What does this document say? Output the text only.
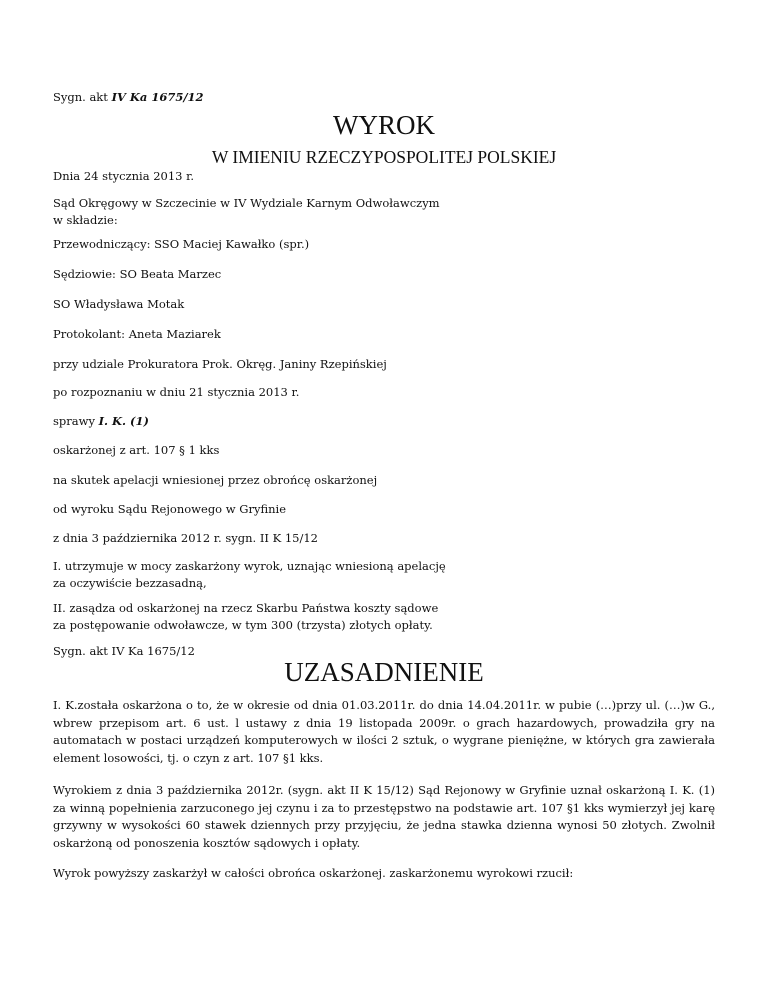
Sygn. akt IV Ka 1675/12
WYROK
W IMIENIU RZECZYPOSPOLITEJ POLSKIEJ
Dnia 24 stycznia 2013 r.
Sąd Okręgowy w Szczecinie w IV Wydziale Karnym Odwoławczym
w składzie:
Przewodniczący: SSO Maciej Kawałko (spr.)
Sędziowie: SO Beata Marzec
SO Władysława Motak
Protokolant: Aneta Maziarek
przy udziale Prokuratora Prok. Okręg. Janiny Rzepińskiej
po rozpoznaniu w dniu 21 stycznia 2013 r.
sprawy I. K. (1)
oskarżonej z art. 107 § 1 kks
na skutek apelacji wniesionej przez obrońcę oskarżonej
od wyroku Sądu Rejonowego w Gryfinie
z dnia 3 października 2012 r. sygn. II K 15/12
I. utrzymuje w mocy zaskarżony wyrok, uznając wniesioną apelację
za oczywiście bezzasadną,
II. zasądza od oskarżonej na rzecz Skarbu Państwa koszty sądowe
za postępowanie odwoławcze, w tym 300 (trzysta) złotych opłaty.
Sygn. akt IV Ka 1675/12
UZASADNIENIE
I. K.została oskarżona o to, że w okresie od dnia 01.03.2011r. do dnia 14.04.2011r. w pubie (…)przy ul. (…)w G., wbrew przepisom art. 6 ust. l ustawy z dnia 19 listopada 2009r. o grach hazardowych, prowadziła gry na automatach w postaci urządzeń komputerowych w ilości 2 sztuk, o wygrane pieniężne, w których gra zawierała element losowości, tj. o czyn z art. 107 §1 kks.
Wyrokiem z dnia 3 października 2012r. (sygn. akt II K 15/12) Sąd Rejonowy w Gryfinie uznał oskarżoną I. K. (1) za winną popełnienia zarzuconego jej czynu i za to przestępstwo na podstawie art. 107 §1 kks wymierzył jej karę grzywny w wysokości 60 stawek dziennych przy przyjęciu, że jedna stawka dzienna wynosi 50 złotych. Zwolnił oskarżoną od ponoszenia kosztów sądowych i opłaty.
Wyrok powyższy zaskarżył w całości obrońca oskarżonej. zaskarżonemu wyrokowi rzucił:
